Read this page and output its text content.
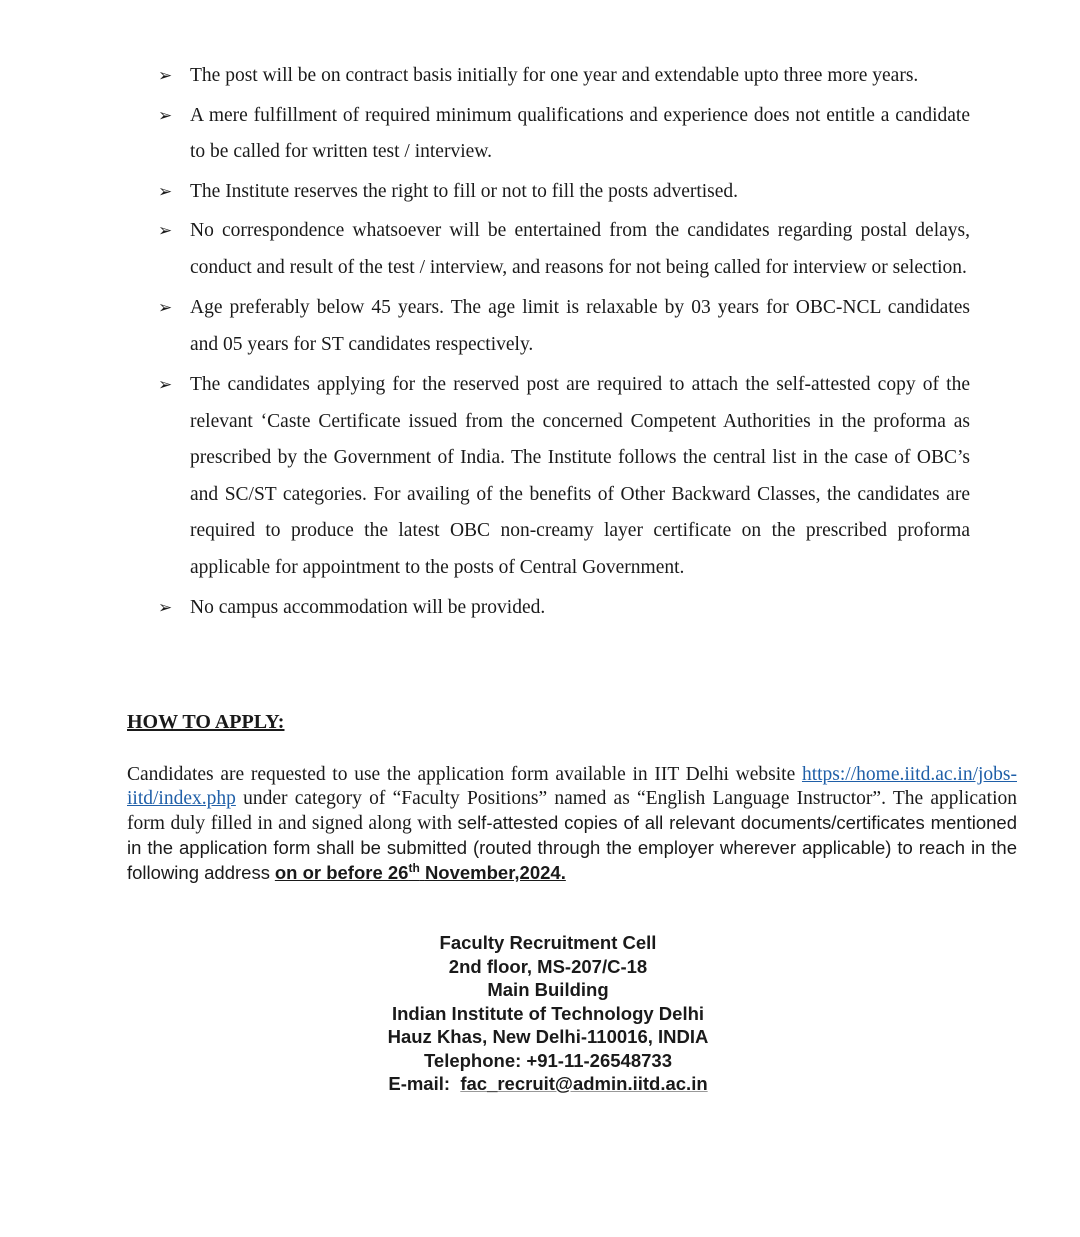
➢ The post will be on contract basis initially for one year and extendable upto three more years.
➢ A mere fulfillment of required minimum qualifications and experience does not entitle a candidate to be called for written test / interview.
➢ The Institute reserves the right to fill or not to fill the posts advertised.
➢ No correspondence whatsoever will be entertained from the candidates regarding postal delays, conduct and result of the test / interview, and reasons for not being called for interview or selection.
➢ Age preferably below 45 years. The age limit is relaxable by 03 years for OBC-NCL candidates and 05 years for ST candidates respectively.
➢ The candidates applying for the reserved post are required to attach the self-attested copy of the relevant ‘Caste Certificate issued from the concerned Competent Authorities in the proforma as prescribed by the Government of India. The Institute follows the central list in the case of OBC’s and SC/ST categories. For availing of the benefits of Other Backward Classes, the candidates are required to produce the latest OBC non-creamy layer certificate on the prescribed proforma applicable for appointment to the posts of Central Government.
➢ No campus accommodation will be provided.
HOW TO APPLY:

Candidates are requested to use the application form available in IIT Delhi website https://home.iitd.ac.in/jobs-iitd/index.php under category of “Faculty Positions” named as “English Language Instructor”. The application form duly filled in and signed along with self-attested copies of all relevant documents/certificates mentioned in the application form shall be submitted (routed through the employer wherever applicable) to reach in the following address on or before 26th November,2024.

Faculty Recruitment Cell
2nd floor, MS-207/C-18
Main Building
Indian Institute of Technology Delhi
Hauz Khas, New Delhi-110016, INDIA
Telephone: +91-11-26548733
E-mail: fac_recruit@admin.iitd.ac.in
